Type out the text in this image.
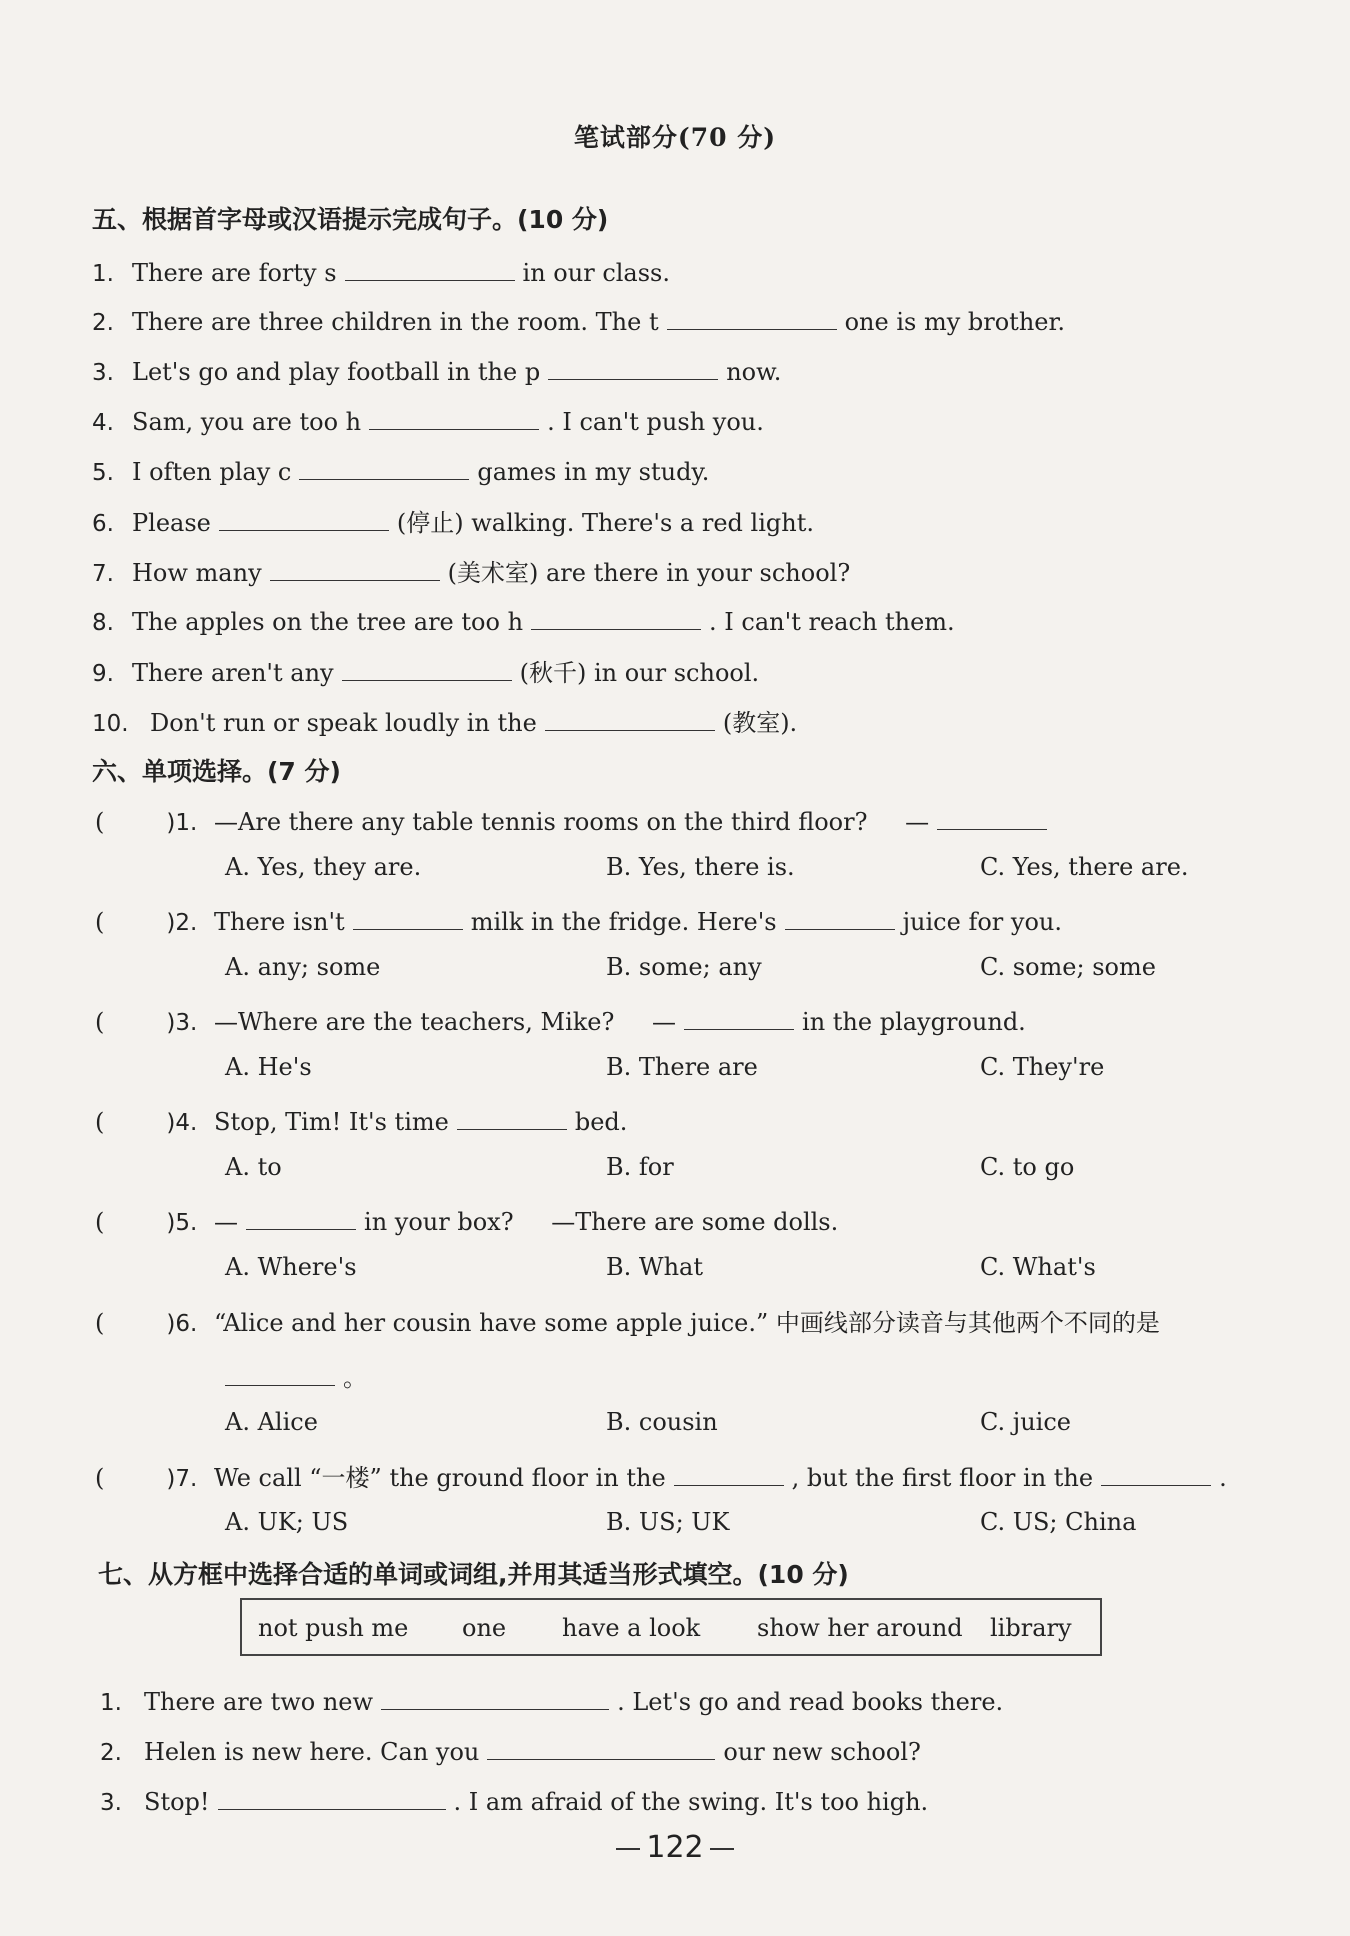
笔试部分(70 分)
五、根据首字母或汉语提示完成句子。(10 分)
1. There are forty s	in our class.
2. There are three children in the room. The t	one is my brother.
3. Let's go and play football in the p	now.
4. Sam, you are too h	. I can't push you.
5. I often play c	games in my study.
6. Please	(停止) walking. There's a red light.
7. How many	(美术室) are there in your school?
8. The apples on the tree are too h	. I can't reach them.
9. There aren't any	(秋千) in our school.
10. Don't run or speak loudly in the	(教室).
六、单项选择。(7 分)
(	)1. —Are there any table tennis rooms on the third floor? —
A. Yes, they are.	B. Yes, there is.	C. Yes, there are.
(	)2. There isn't	milk in the fridge. Here's	juice for you.
A. any; some	B. some; any	C. some; some
(	)3. —Where are the teachers, Mike? —	in the playground.
A. He's	B. There are	C. They're
(	)4. Stop, Tim! It's time	bed.
A. to	B. for	C. to go
(	)5. —	in your box? —There are some dolls.
A. Where's	B. What	C. What's
(	)6. “Alice and her cousin have some apple juice.” 中画线部分读音与其他两个不同的是
。
A. Alice	B. cousin	C. juice
(	)7. We call “一楼” the ground floor in the	, but the first floor in the	.
A. UK; US	B. US; UK	C. US; China
七、从方框中选择合适的单词或词组,并用其适当形式填空。(10 分)
not push me one have a look show her around library
1. There are two new	. Let's go and read books there.
2. Helen is new here. Can you	our new school?
3. Stop!	. I am afraid of the swing. It's too high.
122
